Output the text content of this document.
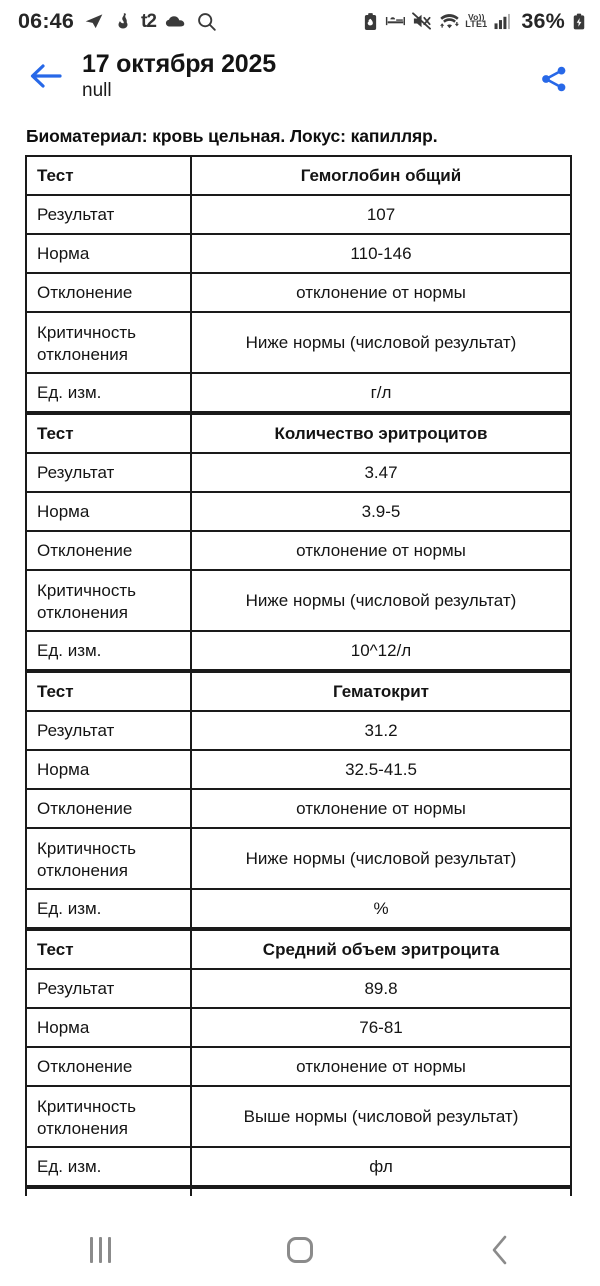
06:46	t2	Vo))
LTE1 36%
17 октября 2025
null
Биоматериал: кровь цельная. Локус: капилляр.
Тест	Гемоглобин общий
Результат	107
Норма	110-146
Отклонение	отклонение от нормы
Критичность отклонения	Ниже нормы (числовой результат)
Ед. изм.	г/л
Тест	Количество эритроцитов
Результат	3.47
Норма	3.9-5
Отклонение	отклонение от нормы
Критичность отклонения	Ниже нормы (числовой результат)
Ед. изм.	10^12/л
Тест	Гематокрит
Результат	31.2
Норма	32.5-41.5
Отклонение	отклонение от нормы
Критичность отклонения	Ниже нормы (числовой результат)
Ед. изм.	%
Тест	Средний объем эритроцита
Результат	89.8
Норма	76-81
Отклонение	отклонение от нормы
Критичность отклонения	Выше нормы (числовой результат)
Ед. изм.	фл
